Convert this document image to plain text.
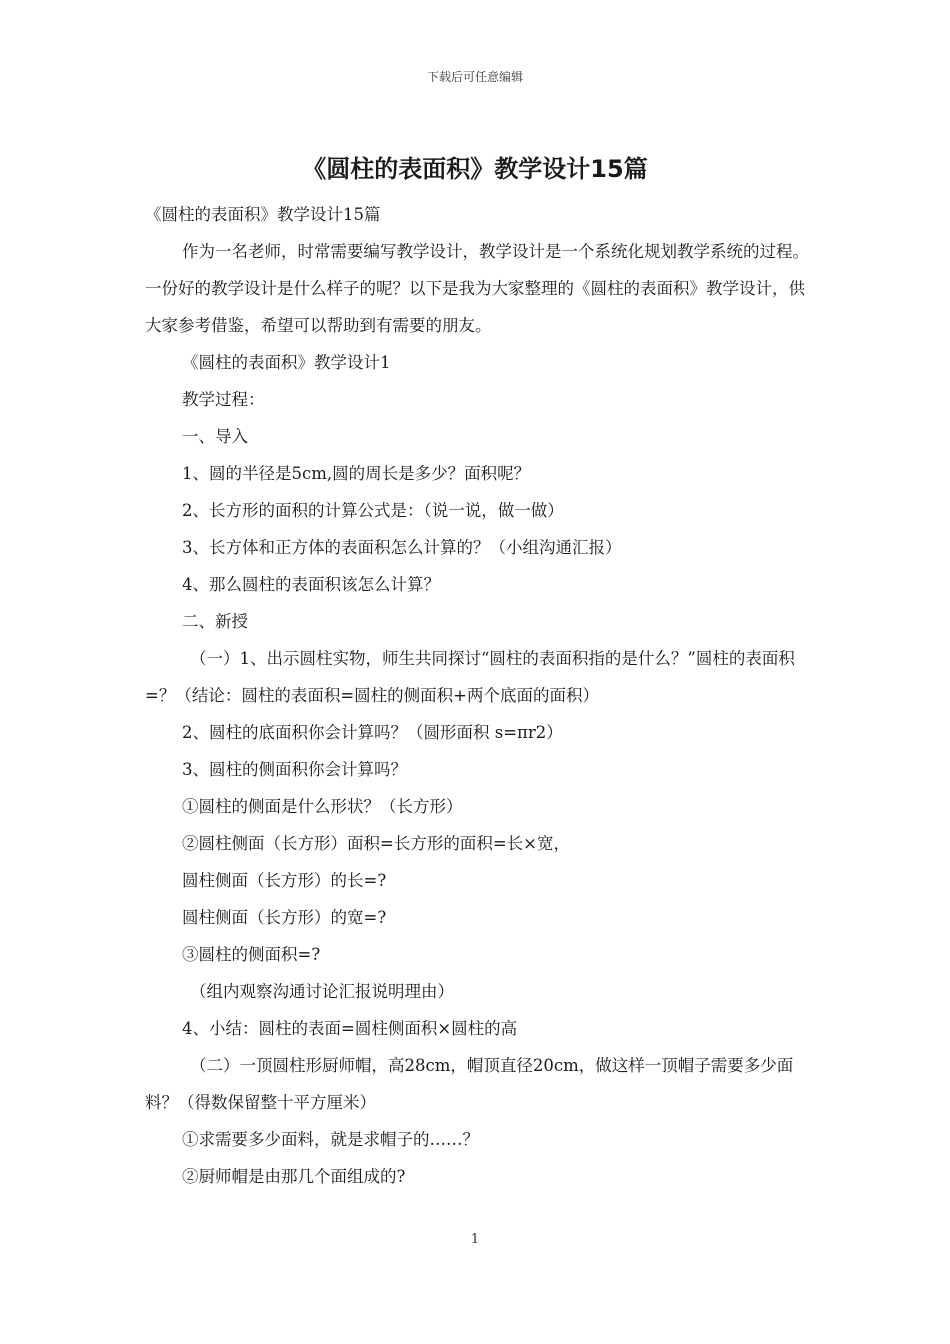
下载后可任意编辑
《圆柱的表面积》教学设计15篇

《圆柱的表面积》教学设计15篇

作为一名老师，时常需要编写教学设计，教学设计是一个系统化规划教学系统的过程。一份好的教学设计是什么样子的呢？以下是我为大家整理的《圆柱的表面积》教学设计，供大家参考借鉴，希望可以帮助到有需要的朋友。

《圆柱的表面积》教学设计1

教学过程：

一、导入

1、圆的半径是5cm,圆的周长是多少？面积呢？

2、长方形的面积的计算公式是：（说一说，做一做）

3、长方体和正方体的表面积怎么计算的？（小组沟通汇报）

4、那么圆柱的表面积该怎么计算？

二、新授

（一）1、出示圆柱实物，师生共同探讨“圆柱的表面积指的是什么？”圆柱的表面积=？（结论：圆柱的表面积=圆柱的侧面积+两个底面的面积）

2、圆柱的底面积你会计算吗？（圆形面积 s=πr2）

3、圆柱的侧面积你会计算吗？

①圆柱的侧面是什么形状？（长方形）

②圆柱侧面（长方形）面积=长方形的面积=长×宽，

圆柱侧面（长方形）的长=?

圆柱侧面（长方形）的宽=?

③圆柱的侧面积=?

（组内观察沟通讨论汇报说明理由）

4、小结：圆柱的表面=圆柱侧面积×圆柱的高

（二）一顶圆柱形厨师帽，高28cm，帽顶直径20cm，做这样一顶帽子需要多少面料？（得数保留整十平方厘米）

①求需要多少面料，就是求帽子的……？

②厨师帽是由那几个面组成的?

1
